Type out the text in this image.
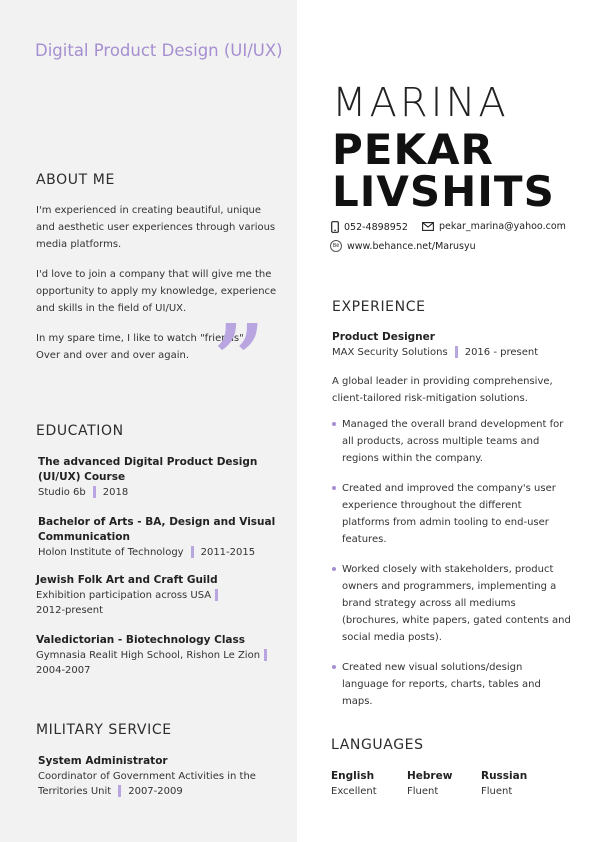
Digital Product Design (UI/UX)
ABOUT ME
I'm experienced in creating beautiful, unique and aesthetic user experiences through various media platforms.
I'd love to join a company that will give me the opportunity to apply my knowledge, experience and skills in the field of UI/UX.
In my spare time, I like to watch "friends". Over and over and over again. ”
EDUCATION
The advanced Digital Product Design (UI/UX) Course
Studio 6b 2018
Bachelor of Arts - BA, Design and Visual Communication
Holon Institute of Technology 2011-2015
Jewish Folk Art and Craft Guild
Exhibition participation across USA
2012-present
Valedictorian - Biotechnology Class
Gymnasia Realit High School, Rishon Le Zion
2004-2007
MILITARY SERVICE
System Administrator
Coordinator of Government Activities in the Territories Unit 2007-2009
MARINA
PEKAR
LIVSHITS
052-4898952	pekar_marina@yahoo.com
Bē www.behance.net/Marusyu
EXPERIENCE
Product Designer
MAX Security Solutions 2016 - present
A global leader in providing comprehensive, client-tailored risk-mitigation solutions.
Managed the overall brand development for all products, across multiple teams and regions within the company.
Created and improved the company's user experience throughout the different platforms from admin tooling to end-user features.
Worked closely with stakeholders, product owners and programmers, implementing a brand strategy across all mediums (brochures, white papers, gated contents and social media posts).
Created new visual solutions/design language for reports, charts, tables and maps.
LANGUAGES
English
Excellent
Hebrew
Fluent
Russian
Fluent
